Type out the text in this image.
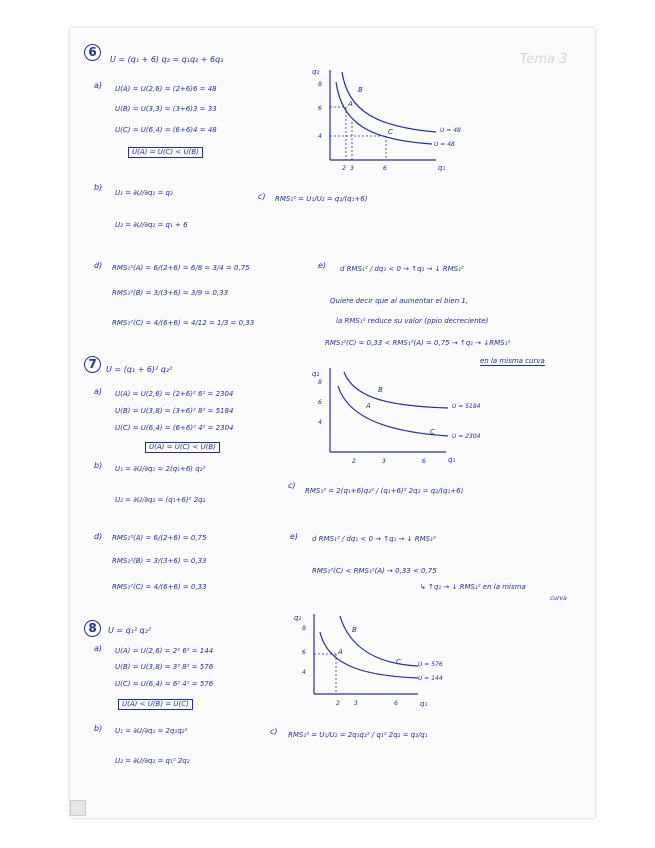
Tema 3
6
U = (q₁ + 6) q₂ = q₁q₂ + 6q₂
a) U(A) = U(2,6) = (2+6)6 = 48
U(B) = U(3,3) = (3+6)3 = 33
U(C) = U(6,4) = (6+6)4 = 48
U(A) = U(C) < U(B)
q₂
q₁
8
6
4
2 3	6
A
B
C	U = 48
U = 48
b)
U₁ = ∂U/∂q₁ = q₂
U₂ = ∂U/∂q₂ = q₁ + 6
c) RMS₁² = U₁/U₂ = q₂/(q₁+6)
d) RMS₁²(A) = 6/(2+6) = 6/8 = 3/4 = 0,75
RMS₁²(B) = 3/(3+6) = 3/9 = 0,33
RMS₁²(C) = 4/(6+6) = 4/12 = 1/3 = 0,33
e) d RMS₁² / dq₁ < 0 → ↑q₁ → ↓ RMS₁²
Quiere decir que al aumentar el bien 1,
la RMS₁² reduce su valor (ppio decreciente)
RMS₁²(C) = 0,33 < RMS₁²(A) = 0,75 → ↑q₁ → ↓RMS₁²
en la misma curva
7	U = (q₁ + 6)² q₂²
a) U(A) = U(2,6) = (2+6)² 6² = 2304
U(B) = U(3,8) = (3+6)² 8² = 5184
U(C) = U(6,4) = (6+6)² 4² = 2304
U(A) = U(C) < U(B)
q₂
q₁
8
6
4
2	3	6
A
B
C
U = 5184
U = 2304
b) U₁ = ∂U/∂q₁ = 2(q₁+6) q₂²
U₂ = ∂U/∂q₂ = (q₁+6)² 2q₂
c)
RMS₁² = 2(q₁+6)q₂² / (q₁+6)² 2q₂ = q₂/(q₁+6)
d) RMS₁²(A) = 6/(2+6) = 0,75
RMS₁²(B) = 3/(3+6) = 0,33
RMS₁²(C) = 4/(6+6) = 0,33
e) d RMS₁² / dq₁ < 0 → ↑q₁ → ↓ RMS₁²
RMS₁²(C) < RMS₁²(A) → 0,33 < 0,75
↳ ↑q₁ → ↓ RMS₁² en la misma
curva
8	U = q₁² q₂²
a) U(A) = U(2,6) = 2² 6² = 144
U(B) = U(3,8) = 3² 8² = 576
U(C) = U(6,4) = 6² 4² = 576
U(A) < U(B) = U(C)
q₂
q₁
8
6
4
2 3	6
A
B
C	U = 576
U = 144
b) U₁ = ∂U/∂q₁ = 2q₁q₂²
U₂ = ∂U/∂q₂ = q₁² 2q₂
c) RMS₁² = U₁/U₂ = 2q₁q₂² / q₁² 2q₂ = q₂/q₁
